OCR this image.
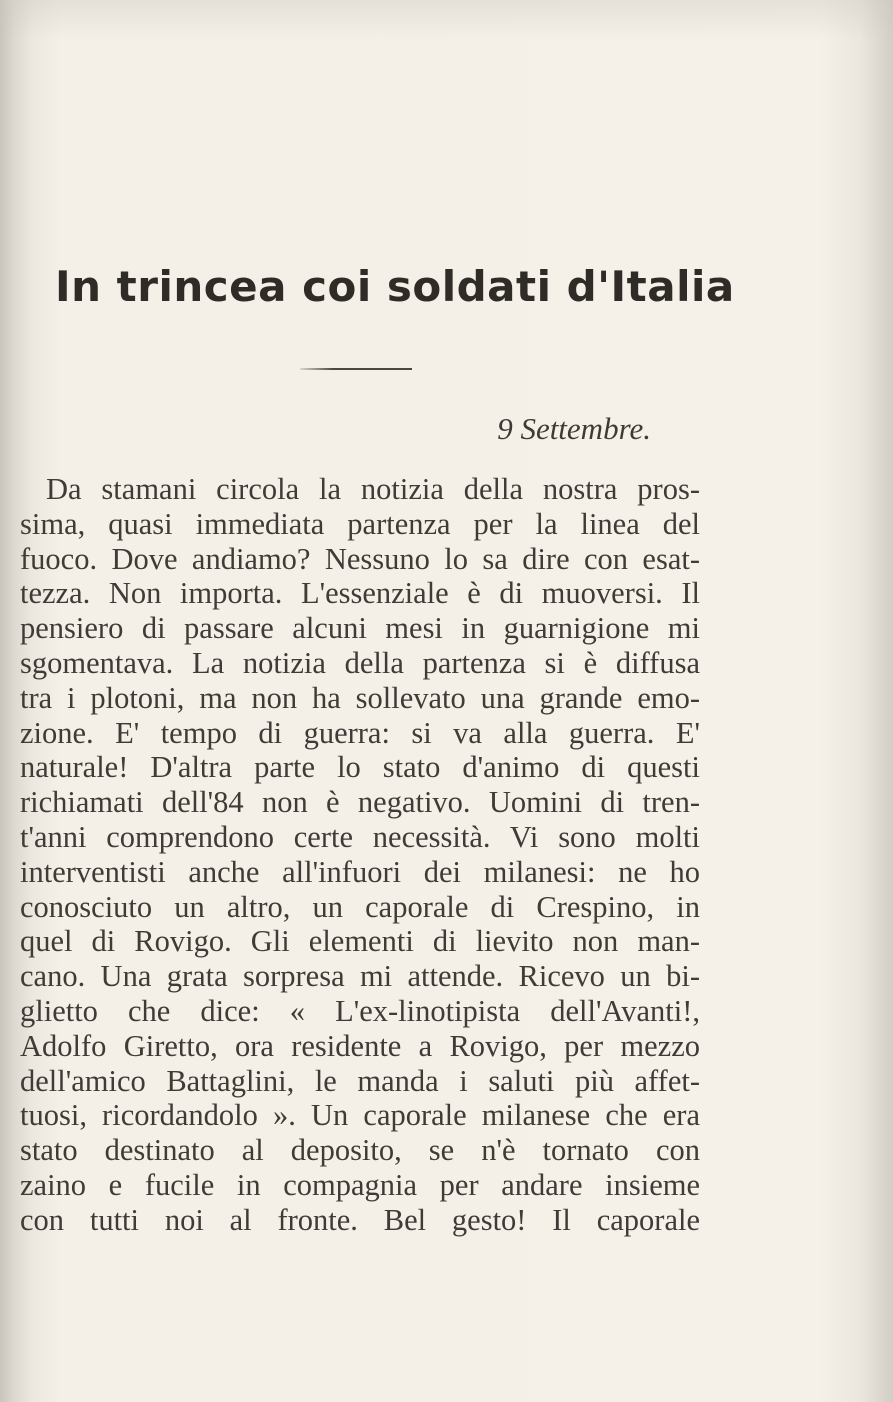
In trincea coi soldati d'Italia
9 Settembre.
Da stamani circola la notizia della nostra pros-
sima, quasi immediata partenza per la linea del
fuoco. Dove andiamo? Nessuno lo sa dire con esat-
tezza. Non importa. L'essenziale è di muoversi. Il
pensiero di passare alcuni mesi in guarnigione mi
sgomentava. La notizia della partenza si è diffusa
tra i plotoni, ma non ha sollevato una grande emo-
zione. E' tempo di guerra: si va alla guerra. E'
naturale! D'altra parte lo stato d'animo di questi
richiamati dell'84 non è negativo. Uomini di tren-
t'anni comprendono certe necessità. Vi sono molti
interventisti anche all'infuori dei milanesi: ne ho
conosciuto un altro, un caporale di Crespino, in
quel di Rovigo. Gli elementi di lievito non man-
cano. Una grata sorpresa mi attende. Ricevo un bi-
glietto che dice: « L'ex-linotipista dell'Avanti!,
Adolfo Giretto, ora residente a Rovigo, per mezzo
dell'amico Battaglini, le manda i saluti più affet-
tuosi, ricordandolo ». Un caporale milanese che era
stato destinato al deposito, se n'è tornato con
zaino e fucile in compagnia per andare insieme
con tutti noi al fronte. Bel gesto! Il caporale
